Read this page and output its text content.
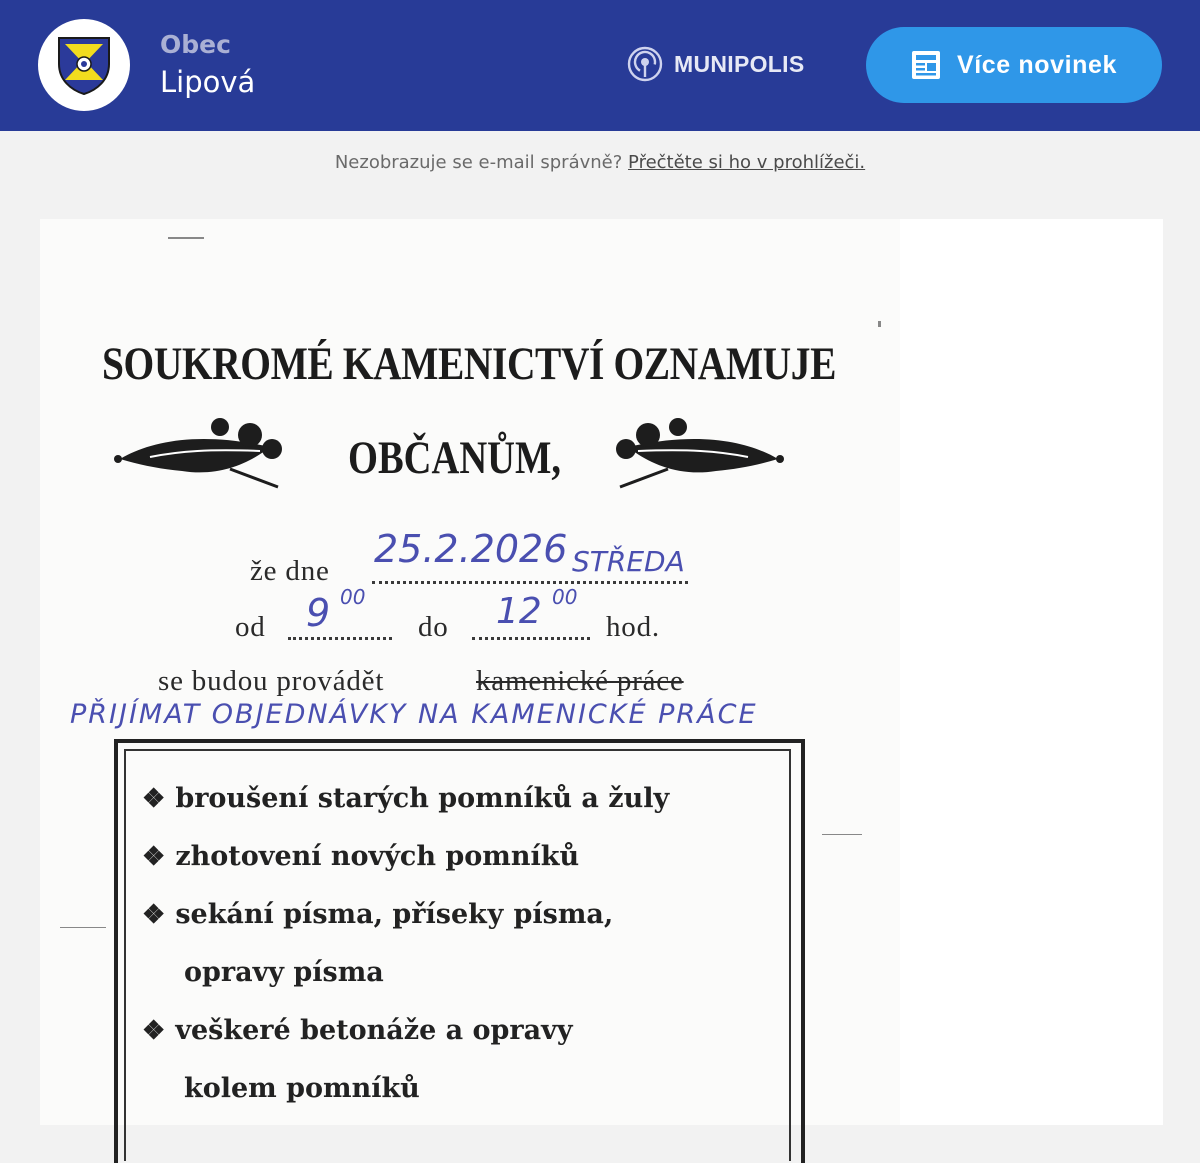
Obec
Lipová
MUNIPOLIS	Více novinek
Nezobrazuje se e-mail správně? Přečtěte si ho v prohlížeči.
SOUKROMÉ KAMENICTVÍ OZNAMUJE
OBČANŮM,
že dne 25.2.2026 STŘEDA
od 9 00
do 12 00
hod.
se budou provádět	kamenické práce
PŘIJÍMAT OBJEDNÁVKY NA KAMENICKÉ PRÁCE
❖ broušení starých pomníků a žuly
❖ zhotovení nových pomníků
❖ sekání písma, přísekу písma,
opravy písma
❖ veškeré betonáže a opravy
kolem pomníků
